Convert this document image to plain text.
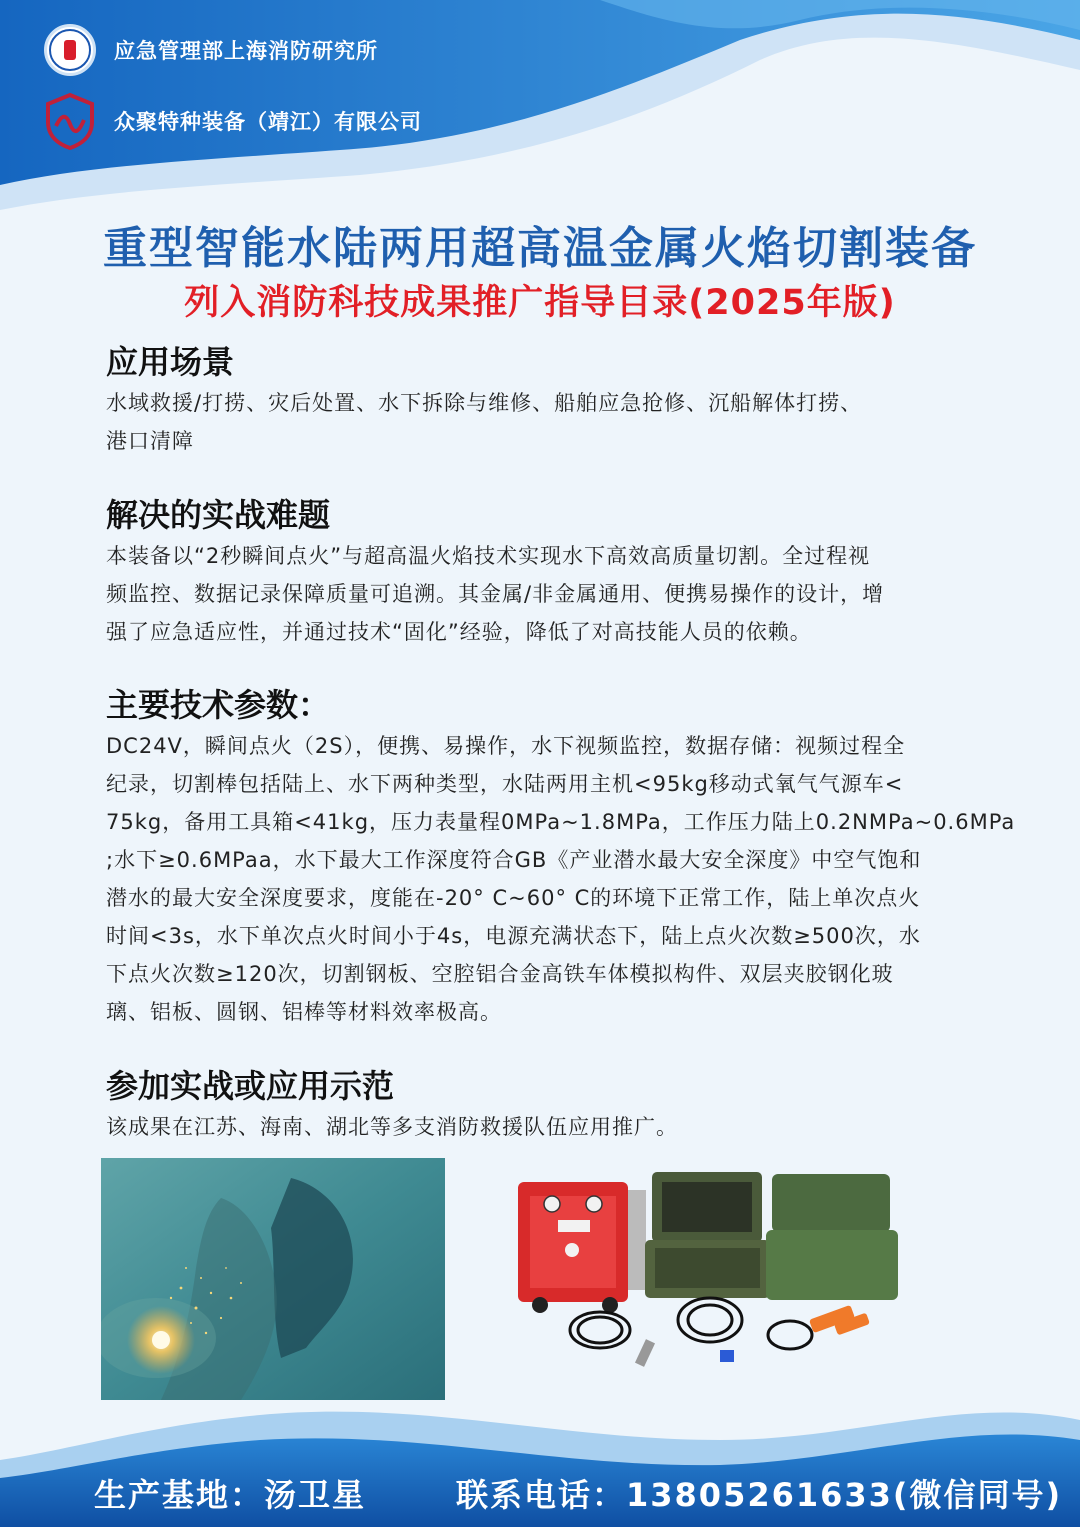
应急管理部上海消防研究所
众聚特种装备（靖江）有限公司
重型智能水陆两用超高温金属火焰切割装备
列入消防科技成果推广指导目录(2025年版)
应用场景

水域救援/打捞、灾后处置、水下拆除与维修、船舶应急抢修、沉船解体打捞、

港口清障

解决的实战难题

本装备以“2秒瞬间点火”与超高温火焰技术实现水下高效高质量切割。全过程视

频监控、数据记录保障质量可追溯。其金属/非金属通用、便携易操作的设计，增

强了应急适应性，并通过技术“固化”经验，降低了对高技能人员的依赖。

主要技术参数：

DC24V，瞬间点火（2S），便携、易操作，水下视频监控，数据存储：视频过程全

纪录，切割棒包括陆上、水下两种类型，水陆两用主机<95kg移动式氧气气源车<

75kg，备用工具箱<41kg，压力表量程0MPa~1.8MPa，工作压力陆上0.2NMPa~0.6MPa

;水下≥0.6MPaa，水下最大工作深度符合GB《产业潜水最大安全深度》中空气饱和

潜水的最大安全深度要求，度能在-20° C~60° C的环境下正常工作，陆上单次点火

时间<3s，水下单次点火时间小于4s，电源充满状态下，陆上点火次数≥500次，水

下点火次数≥120次，切割钢板、空腔铝合金高铁车体模拟构件、双层夹胶钢化玻

璃、铝板、圆钢、铝棒等材料效率极高。

参加实战或应用示范

该成果在江苏、海南、湖北等多支消防救援队伍应用推广。

生产基地：汤卫星	联系电话：13805261633(微信同号)
